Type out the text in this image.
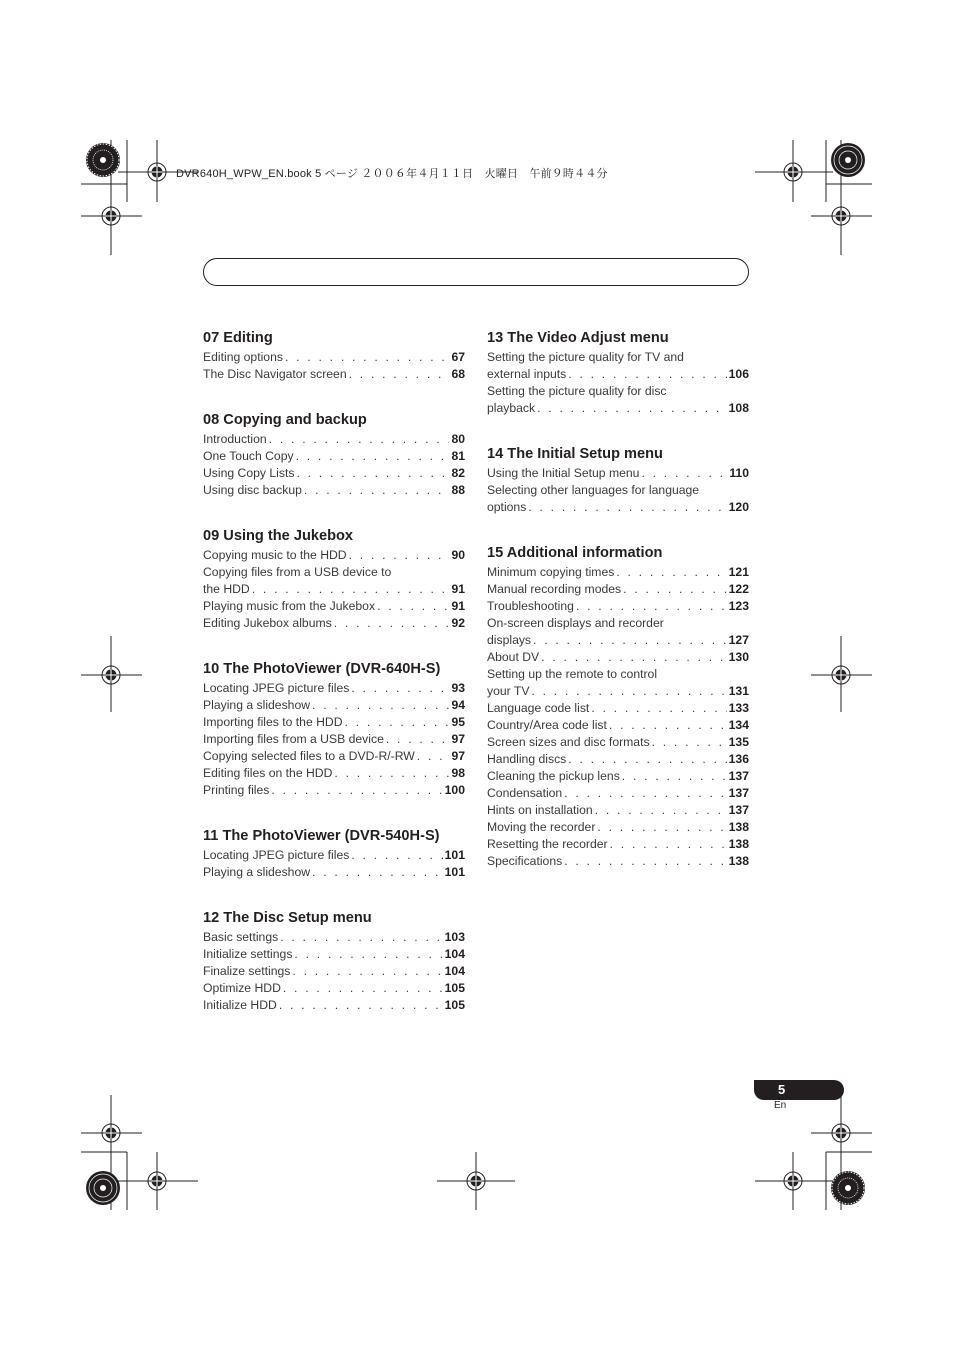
DVR640H_WPW_EN.book 5 ページ ２００６年４月１１日　火曜日　午前９時４４分
07 Editing
Editing options . . .	67
The Disc Navigator screen . . .	68
08 Copying and backup
Introduction . . .	80
One Touch Copy . . .	81
Using Copy Lists . . .	82
Using disc backup . . .	88
09 Using the Jukebox
Copying music to the HDD . . .	90
Copying files from a USB device to
the HDD . . .	91
Playing music from the Jukebox . . .	91
Editing Jukebox albums . . .	92
10 The PhotoViewer (DVR-640H-S)
Locating JPEG picture files . . .	93
Playing a slideshow . . .	94
Importing files to the HDD . . .	95
Importing files from a USB device . . .	97
Copying selected files to a DVD-R/-RW . . .	97
Editing files on the HDD . . .	98
Printing files . . .	100
11 The PhotoViewer (DVR-540H-S)
Locating JPEG picture files . . .	101
Playing a slideshow . . .	101
12 The Disc Setup menu
Basic settings . . .	103
Initialize settings . . .	104
Finalize settings . . .	104
Optimize HDD . . .	105
Initialize HDD . . .	105
13 The Video Adjust menu
Setting the picture quality for TV and
external inputs . . .	106
Setting the picture quality for disc
playback . . .	108
14 The Initial Setup menu
Using the Initial Setup menu . . .	110
Selecting other languages for language
options . . .	120
15 Additional information
Minimum copying times . . .	121
Manual recording modes . . .	122
Troubleshooting . . .	123
On-screen displays and recorder
displays . . .	127
About DV . . .	130
Setting up the remote to control
your TV . . .	131
Language code list . . .	133
Country/Area code list . . .	134
Screen sizes and disc formats . . .	135
Handling discs . . .	136
Cleaning the pickup lens . . .	137
Condensation . . .	137
Hints on installation . . .	137
Moving the recorder . . .	138
Resetting the recorder . . .	138
Specifications . . .	138
5
En
